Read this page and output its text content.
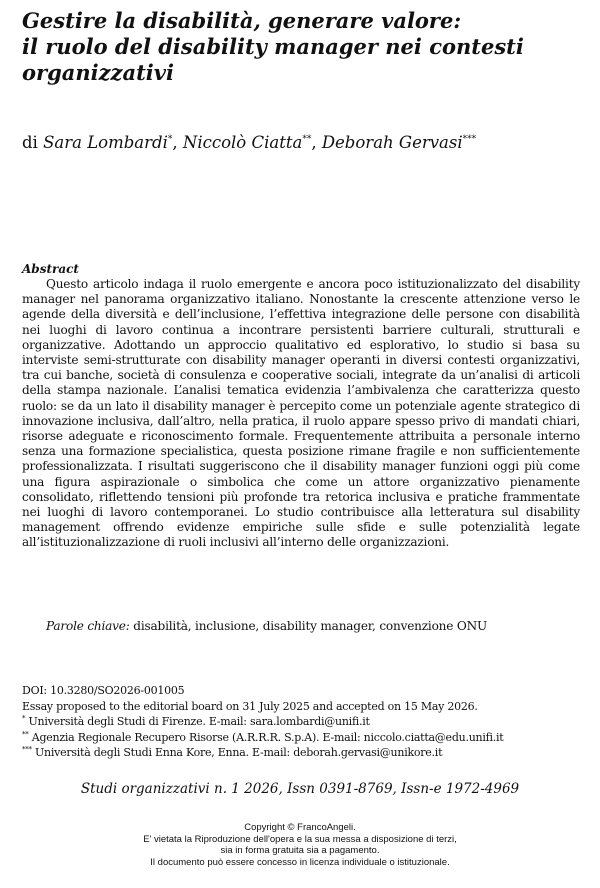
Gestire la disabilità, generare valore:
il ruolo del disability manager nei contesti
organizzativi

di Sara Lombardi*, Niccolò Ciatta**, Deborah Gervasi***

Abstract

Questo articolo indaga il ruolo emergente e ancora poco istituzionalizzato del disability manager nel panorama organizzativo italiano. Nonostante la crescente attenzione verso le agende della diversità e dell’inclusione, l’effettiva integrazione delle persone con disabilità nei luoghi di lavoro continua a incontrare persistenti barriere culturali, strutturali e organizzative. Adottando un approccio qualitativo ed esplorativo, lo studio si basa su interviste semi-strutturate con disability manager operanti in diversi contesti organizzativi, tra cui banche, società di consulenza e cooperative sociali, integrate da un’analisi di articoli della stampa nazionale. L’analisi tematica evidenzia l’ambivalenza che caratterizza questo ruolo: se da un lato il disability manager è percepito come un potenziale agente strategico di innovazione inclusiva, dall’altro, nella pratica, il ruolo appare spesso privo di mandati chiari, risorse adeguate e riconoscimento formale. Frequentemente attribuita a personale interno senza una formazione specialistica, questa posizione rimane fragile e non sufficientemente professionalizzata. I risultati suggeriscono che il disability manager funzioni oggi più come una figura aspirazionale o simbolica che come un attore organizzativo pienamente consolidato, riflettendo tensioni più profonde tra retorica inclusiva e pratiche frammentate nei luoghi di lavoro contemporanei. Lo studio contribuisce alla letteratura sul disability management offrendo evidenze empiriche sulle sfide e sulle potenzialità legate all’istituzionalizzazione di ruoli inclusivi all’interno delle organizzazioni.

Parole chiave: disabilità, inclusione, disability manager, convenzione ONU

DOI: 10.3280/SO2026-001005
Essay proposed to the editorial board on 31 July 2025 and accepted on 15 May 2026.
* Università degli Studi di Firenze. E-mail: sara.lombardi@unifi.it
** Agenzia Regionale Recupero Risorse (A.R.R.R. S.p.A). E-mail: niccolo.ciatta@edu.unifi.it
*** Università degli Studi Enna Kore, Enna. E-mail: deborah.gervasi@unikore.it

Studi organizzativi n. 1 2026, Issn 0391-8769, Issn-e 1972-4969

Copyright © FrancoAngeli.
E' vietata la Riproduzione dell'opera e la sua messa a disposizione di terzi,
sia in forma gratuita sia a pagamento.
Il documento può essere concesso in licenza individuale o istituzionale.
